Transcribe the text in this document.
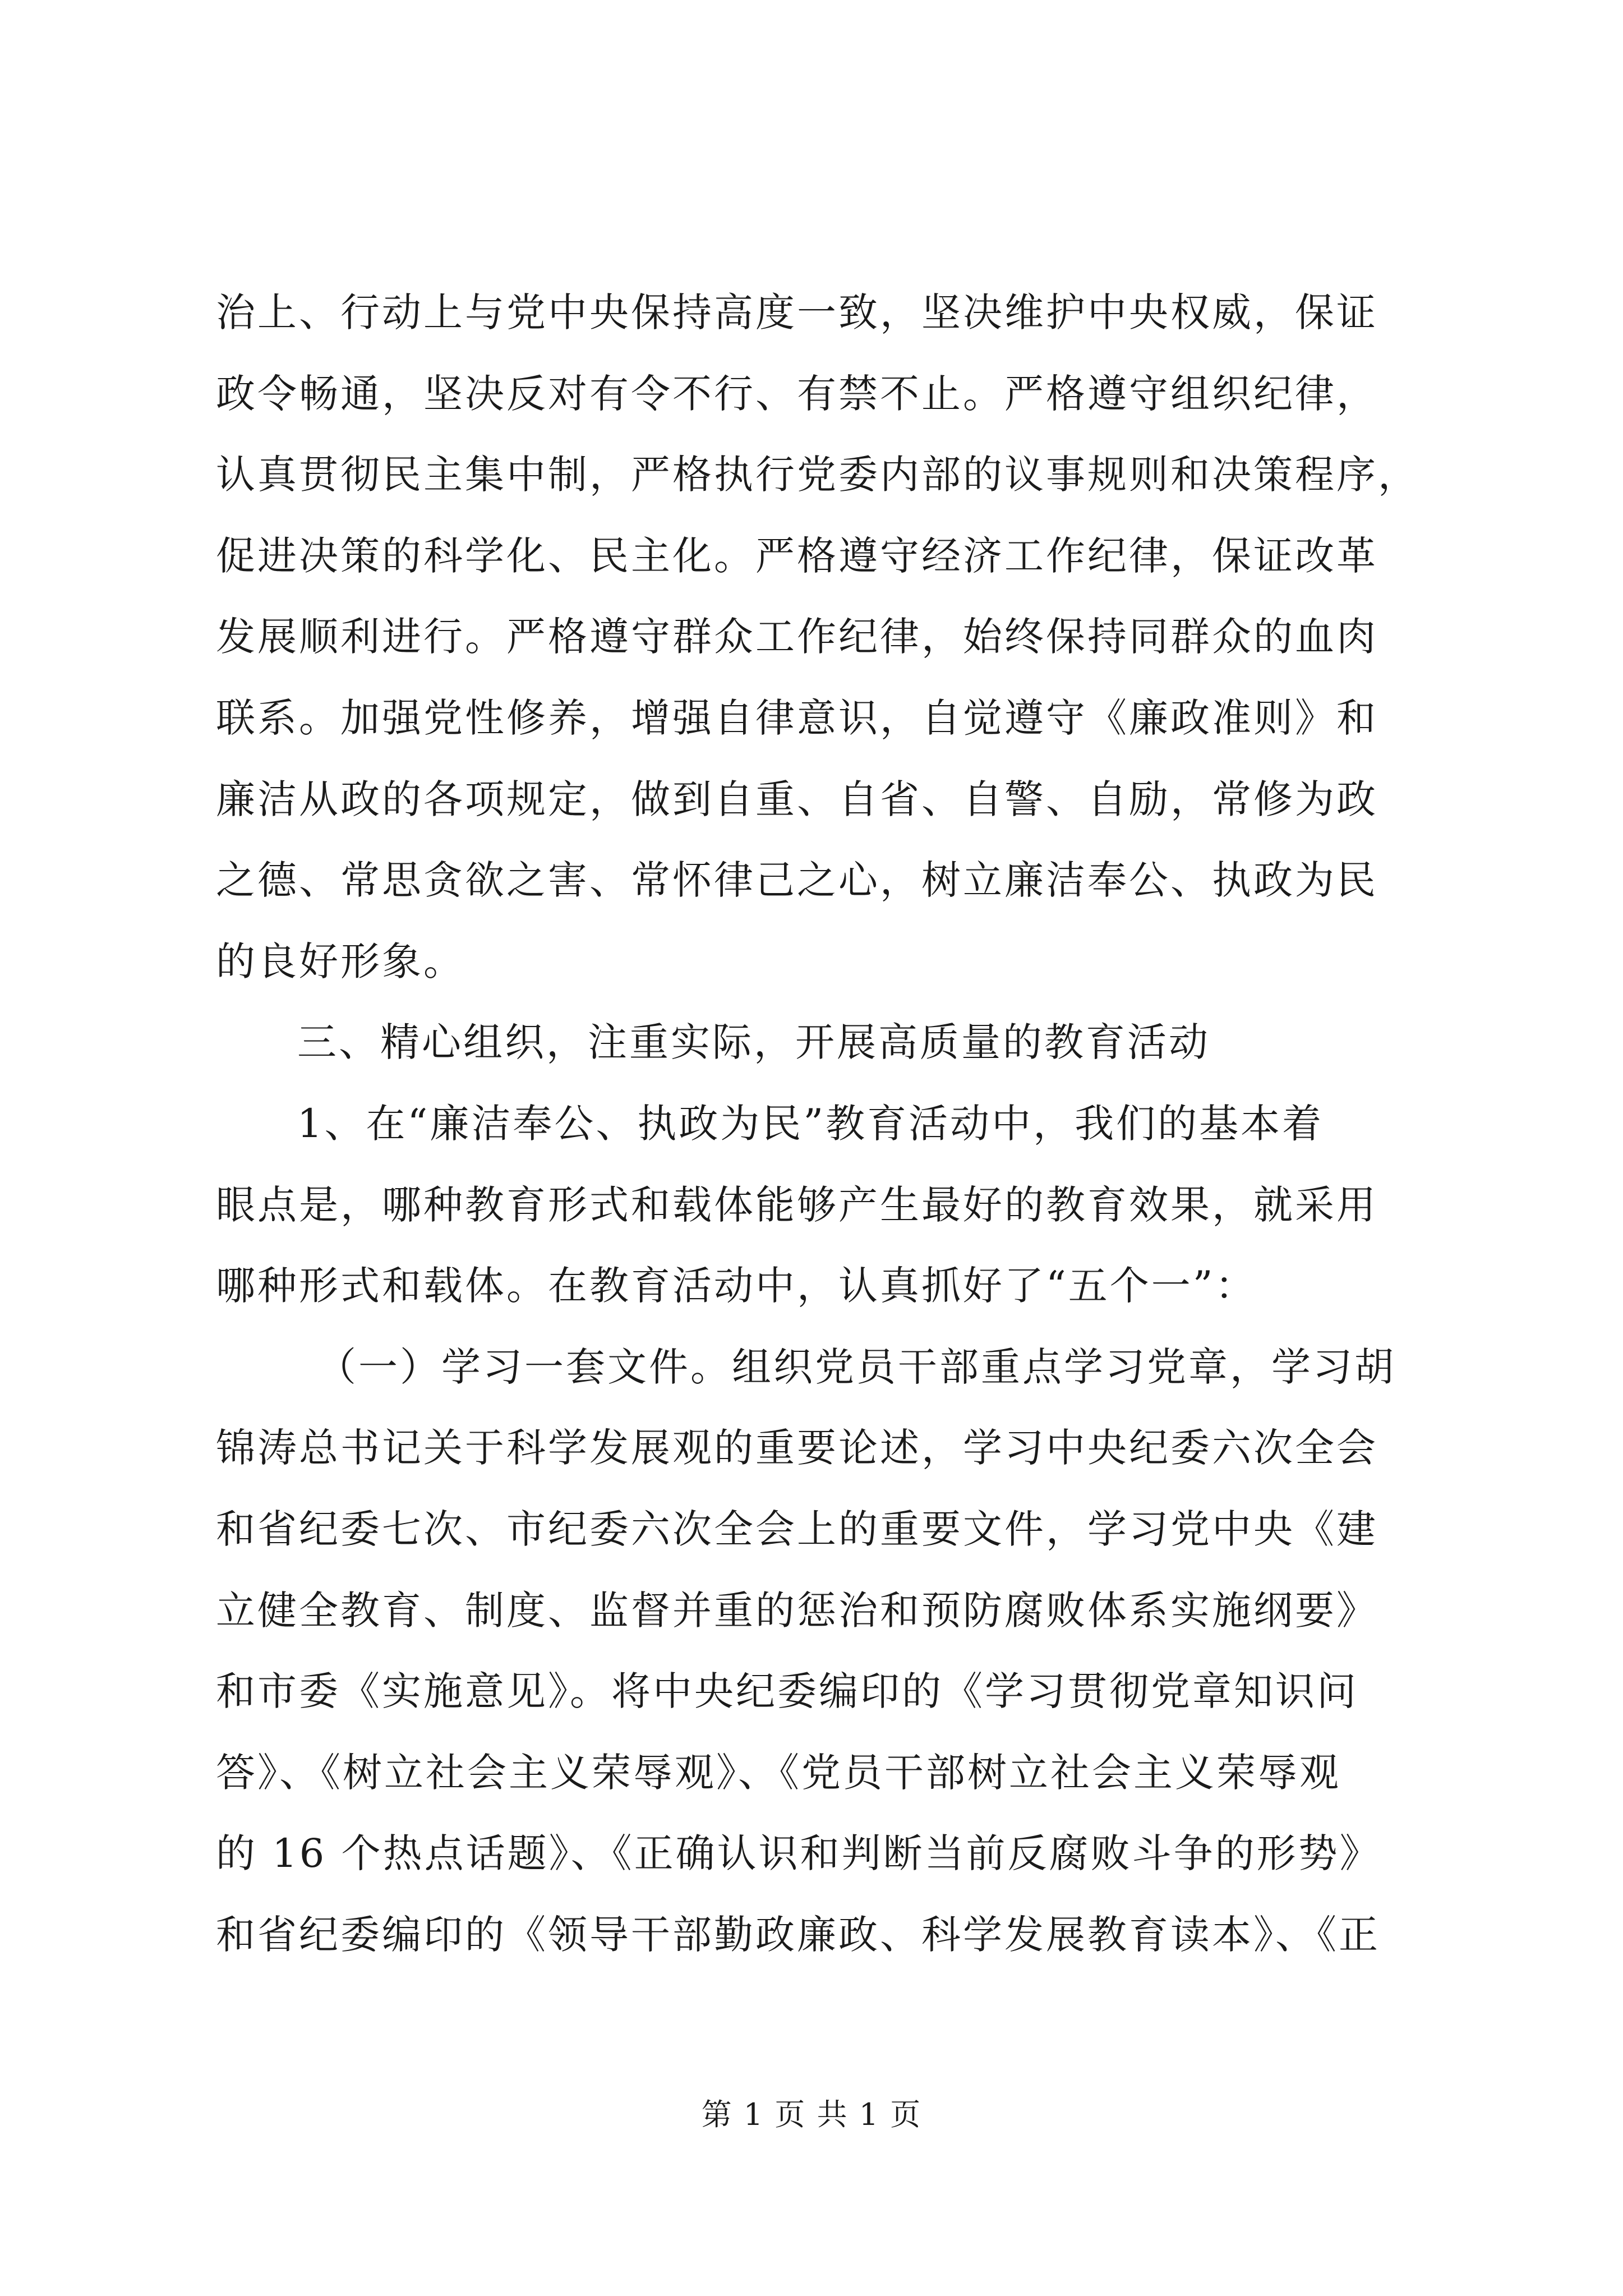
治上、行动上与党中央保持高度一致，坚决维护中央权威，保证
政令畅通，坚决反对有令不行、有禁不止。严格遵守组织纪律，
认真贯彻民主集中制，严格执行党委内部的议事规则和决策程序，
促进决策的科学化、民主化。严格遵守经济工作纪律，保证改革
发展顺利进行。严格遵守群众工作纪律，始终保持同群众的血肉
联系。加强党性修养，增强自律意识，自觉遵守《廉政准则》和
廉洁从政的各项规定，做到自重、自省、自警、自励，常修为政
之德、常思贪欲之害、常怀律己之心，树立廉洁奉公、执政为民
的良好形象。
三、精心组织，注重实际，开展高质量的教育活动
1、在“廉洁奉公、执政为民”教育活动中，我们的基本着
眼点是，哪种教育形式和载体能够产生最好的教育效果，就采用
哪种形式和载体。在教育活动中，认真抓好了“五个一”：
（一）学习一套文件。组织党员干部重点学习党章，学习胡
锦涛总书记关于科学发展观的重要论述，学习中央纪委六次全会
和省纪委七次、市纪委六次全会上的重要文件，学习党中央《建
立健全教育、制度、监督并重的惩治和预防腐败体系实施纲要》
和市委《实施意见》。将中央纪委编印的《学习贯彻党章知识问
答》、《树立社会主义荣辱观》、《党员干部树立社会主义荣辱观
的 16 个热点话题》、《正确认识和判断当前反腐败斗争的形势》
和省纪委编印的《领导干部勤政廉政、科学发展教育读本》、《正
第 1 页 共 1 页
